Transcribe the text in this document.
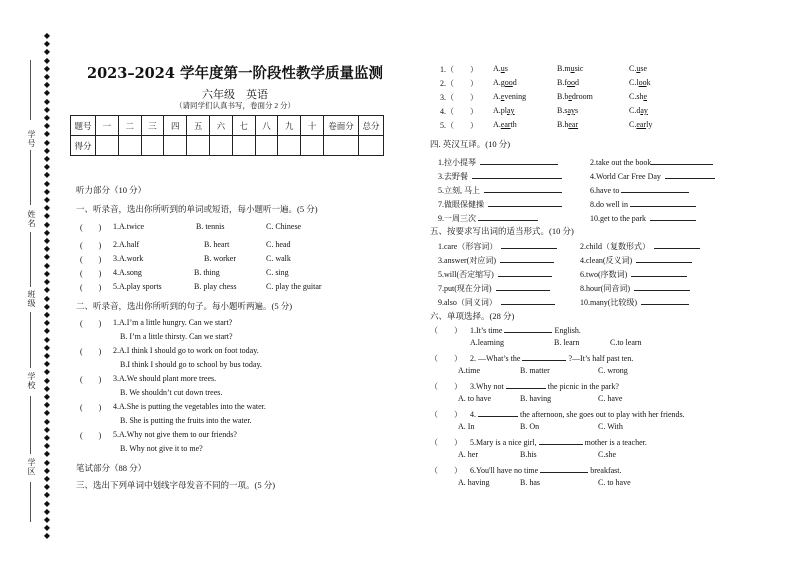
◆
◆
◆
◆
◆
◆
◆
◆
◆
◆
◆
◆
◆
◆
◆
◆
◆
◆
◆
◆
◆
◆
◆
◆
◆
◆
◆
◆
◆
◆
◆
◆
◆
◆
◆
◆
◆
◆
◆
◆
◆
◆
◆
◆
◆
◆
◆
◆
◆
◆
◆
◆
◆
◆
◆
◆
◆
◆
◆
◆
◆
◆

学号
姓名
班级
学校
学区
2023–2024 学年度第一阶段性教学质量监测
六年级　英语
（请同学们认真书写，卷面分 2 分）
题号	一	二	三	四	五	六	七	八	九	十	卷面分	总分
得分												
听力部分（10 分）
一、听录音，选出你所听到的单词或短语，每小题听一遍。(5 分)
(　　) 1.A.twice	B. tennis	C. Chinese
(　　) 2.A.half	B. heart	C. head
(　　) 3.A.work	B. worker	C. walk
(　　) 4.A.song	B. thing	C. sing
(　　) 5.A.play sports	B. play chess	C. play the guitar
二、听录音，选出你所听到的句子。每小题听两遍。(5 分)
(　　) 1.A.I’m a little hungry. Can we start?
B. I’m a little thirsty. Can we start?
(　　) 2.A.I think I should go to work on foot today.
B.I think I should go to school by bus today.
(　　) 3.A.We should plant more trees.
B. We shouldn’t cut down trees.
(　　) 4.A.She is putting the vegetables into the water.
B. She is putting the fruits into the water.
(　　) 5.A.Why not give them to our friends?
B. Why not give it to me?
笔试部分（88 分）
三、选出下列单词中划线字母发音不同的一项。(5 分)
1.（　　） A.us	B.music	C.use
2.（　　） A.good	B.food	C.look
3.（　　） A.evening	B.bedroom	C.she
4.（　　） A.play	B.says	C.day
5.（　　） A.earth	B.hear	C.early
四. 英汉互译。(10 分)
1.拉小提琴	2.take out the book
3.去野餐	4.World Car Free Day
5.立刻, 马上	6.have to
7.做眼保健操	8.do well in
9.一周三次	10.get to the park
五、按要求写出词的适当形式。(10 分)
1.care（形容词）	2.child（复数形式）
3.answer(对应词)	4.clean(反义词)
5.will(否定缩写)	6.two(序数词)
7.put(现在分词)	8.hour(同音词)
9.also（同义词）	10.many(比较级)
六、单项选择。(28 分)
（　　） 1.It’s time	English.
A.learning	B. learn	C.to learn
（　　） 2. —What’s the	?—It’s half past ten.
A.time	B. matter	C. wrong
（　　） 3.Why not	the picnic in the park?
A. to have	B. having	C. have
（　　） 4.	the afternoon, she goes out to play with her friends.
A. In	B. On	C. With
（　　） 5.Mary is a nice girl,	mother is a teacher.
A. her	B.his	C.she
（　　） 6.You'll have no time	breakfast.
A. having	B. has	C. to have
